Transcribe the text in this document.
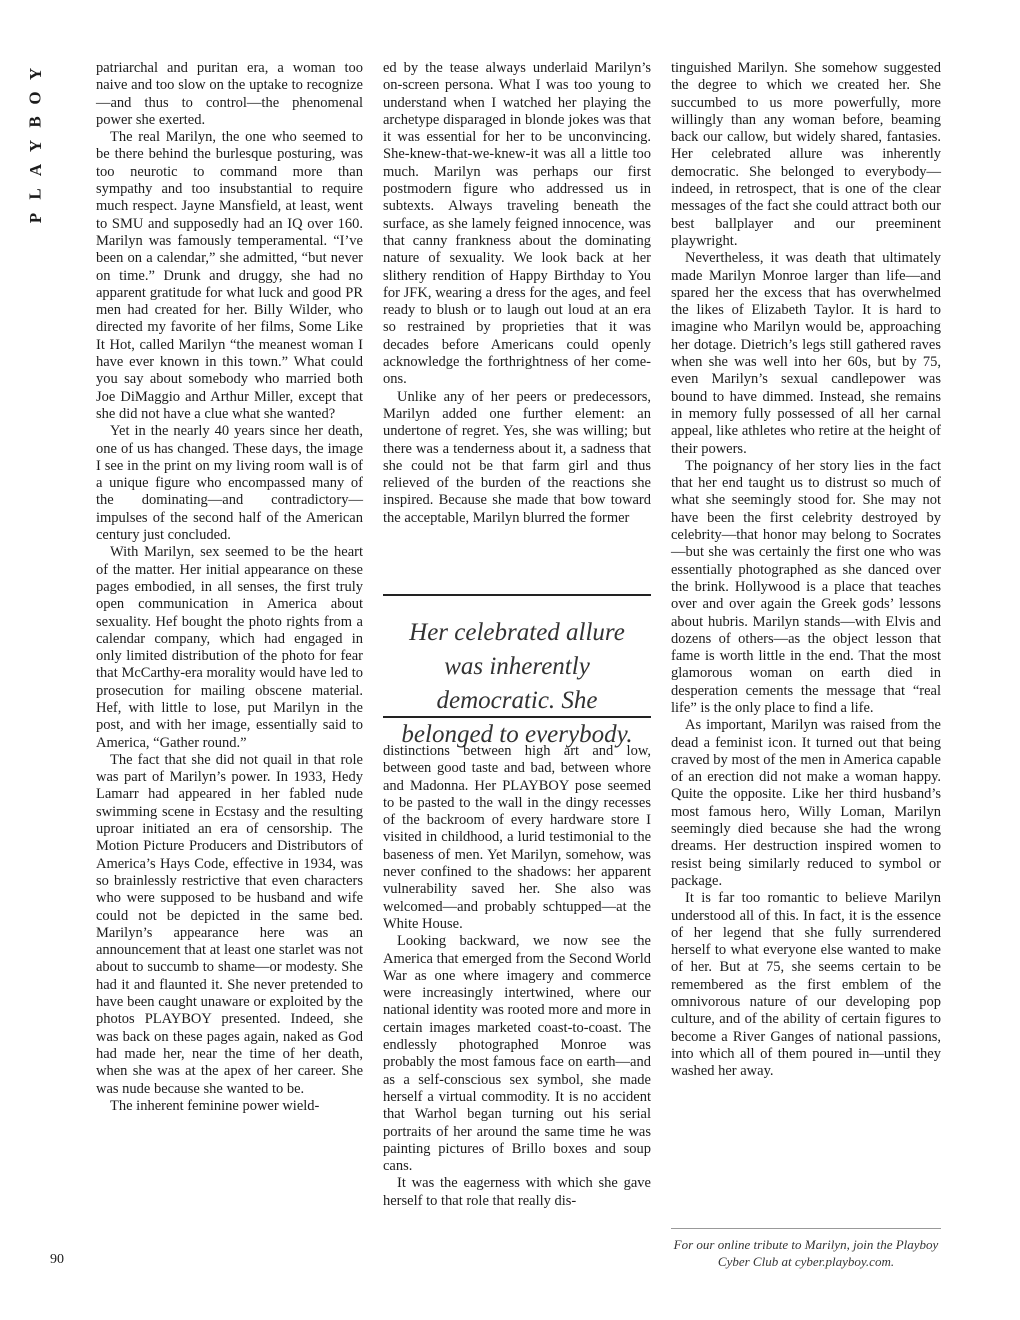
Y
O
B
Y
A
L
P

patriarchal and puritan era, a woman too naive and too slow on the uptake to recognize—and thus to control—the phenomenal power she exerted.

The real Marilyn, the one who seemed to be there behind the burlesque posturing, was too neurotic to command more than sympathy and too insubstantial to require much respect. Jayne Mansfield, at least, went to SMU and supposedly had an IQ over 160. Marilyn was famously temperamental. “I’ve been on a calendar,” she admitted, “but never on time.” Drunk and druggy, she had no apparent gratitude for what luck and good PR men had created for her. Billy Wilder, who directed my favorite of her films, Some Like It Hot, called Marilyn “the meanest woman I have ever known in this town.” What could you say about somebody who married both Joe DiMaggio and Arthur Miller, except that she did not have a clue what she wanted?

Yet in the nearly 40 years since her death, one of us has changed. These days, the image I see in the print on my living room wall is of a unique figure who encompassed many of the dominating—and contradictory—impulses of the second half of the American century just concluded.

With Marilyn, sex seemed to be the heart of the matter. Her initial appearance on these pages embodied, in all senses, the first truly open communication in America about sexuality. Hef bought the photo rights from a calendar company, which had engaged in only limited distribution of the photo for fear that McCarthy-era morality would have led to prosecution for mailing obscene material. Hef, with little to lose, put Marilyn in the post, and with her image, essentially said to America, “Gather round.”

The fact that she did not quail in that role was part of Marilyn’s power. In 1933, Hedy Lamarr had appeared in her fabled nude swimming scene in Ecstasy and the resulting uproar initiated an era of censorship. The Motion Picture Producers and Distributors of America’s Hays Code, effective in 1934, was so brainlessly restrictive that even characters who were supposed to be husband and wife could not be depicted in the same bed. Marilyn’s appearance here was an announcement that at least one starlet was not about to succumb to shame—or modesty. She had it and flaunted it. She never pretended to have been caught unaware or exploited by the photos PLAYBOY presented. Indeed, she was back on these pages again, naked as God had made her, near the time of her death, when she was at the apex of her career. She was nude because she wanted to be.

The inherent feminine power wield-

ed by the tease always underlaid Marilyn’s on-screen persona. What I was too young to understand when I watched her playing the archetype disparaged in blonde jokes was that it was essential for her to be unconvincing. She-knew-that-we-knew-it was all a little too much. Marilyn was perhaps our first postmodern figure who addressed us in subtexts. Always traveling beneath the surface, as she lamely feigned innocence, was that canny frankness about the dominating nature of sexuality. We look back at her slithery rendition of Happy Birthday to You for JFK, wearing a dress for the ages, and feel ready to blush or to laugh out loud at an era so restrained by proprieties that it was decades before Americans could openly acknowledge the forthrightness of her come-ons.

Unlike any of her peers or predecessors, Marilyn added one further element: an undertone of regret. Yes, she was willing; but there was a tenderness about it, a sadness that she could not be that farm girl and thus relieved of the burden of the reactions she inspired. Because she made that bow toward the acceptable, Marilyn blurred the former

Her celebrated allure was inherently democratic. She belonged to everybody.

distinctions between high art and low, between good taste and bad, between whore and Madonna. Her PLAYBOY pose seemed to be pasted to the wall in the dingy recesses of the backroom of every hardware store I visited in childhood, a lurid testimonial to the baseness of men. Yet Marilyn, somehow, was never confined to the shadows: her apparent vulnerability saved her. She also was welcomed—and probably schtupped—at the White House.

Looking backward, we now see the America that emerged from the Second World War as one where imagery and commerce were increasingly intertwined, where our national identity was rooted more and more in certain images marketed coast-to-coast. The endlessly photographed Monroe was probably the most famous face on earth—and as a self-conscious sex symbol, she made herself a virtual commodity. It is no accident that Warhol began turning out his serial portraits of her around the same time he was painting pictures of Brillo boxes and soup cans.

It was the eagerness with which she gave herself to that role that really dis-

tinguished Marilyn. She somehow suggested the degree to which we created her. She succumbed to us more powerfully, more willingly than any woman before, beaming back our callow, but widely shared, fantasies. Her celebrated allure was inherently democratic. She belonged to everybody—indeed, in retrospect, that is one of the clear messages of the fact she could attract both our best ballplayer and our preeminent playwright.

Nevertheless, it was death that ultimately made Marilyn Monroe larger than life—and spared her the excess that has overwhelmed the likes of Elizabeth Taylor. It is hard to imagine who Marilyn would be, approaching her dotage. Dietrich’s legs still gathered raves when she was well into her 60s, but by 75, even Marilyn’s sexual candlepower was bound to have dimmed. Instead, she remains in memory fully possessed of all her carnal appeal, like athletes who retire at the height of their powers.

The poignancy of her story lies in the fact that her end taught us to distrust so much of what she seemingly stood for. She may not have been the first celebrity destroyed by celebrity—that honor may belong to Socrates—but she was certainly the first one who was essentially photographed as she danced over the brink. Hollywood is a place that teaches over and over again the Greek gods’ lessons about hubris. Marilyn stands—with Elvis and dozens of others—as the object lesson that fame is worth little in the end. That the most glamorous woman on earth died in desperation cements the message that “real life” is the only place to find a life.

As important, Marilyn was raised from the dead a feminist icon. It turned out that being craved by most of the men in America capable of an erection did not make a woman happy. Quite the opposite. Like her third husband’s most famous hero, Willy Loman, Marilyn seemingly died because she had the wrong dreams. Her destruction inspired women to resist being similarly reduced to symbol or package.

It is far too romantic to believe Marilyn understood all of this. In fact, it is the essence of her legend that she fully surrendered herself to what everyone else wanted to make of her. But at 75, she seems certain to be remembered as the first emblem of the omnivorous nature of our developing pop culture, and of the ability of certain figures to become a River Ganges of national passions, into which all of them poured in—until they washed her away.

For our online tribute to Marilyn, join the Playboy Cyber Club at cyber.playboy.com.
90
